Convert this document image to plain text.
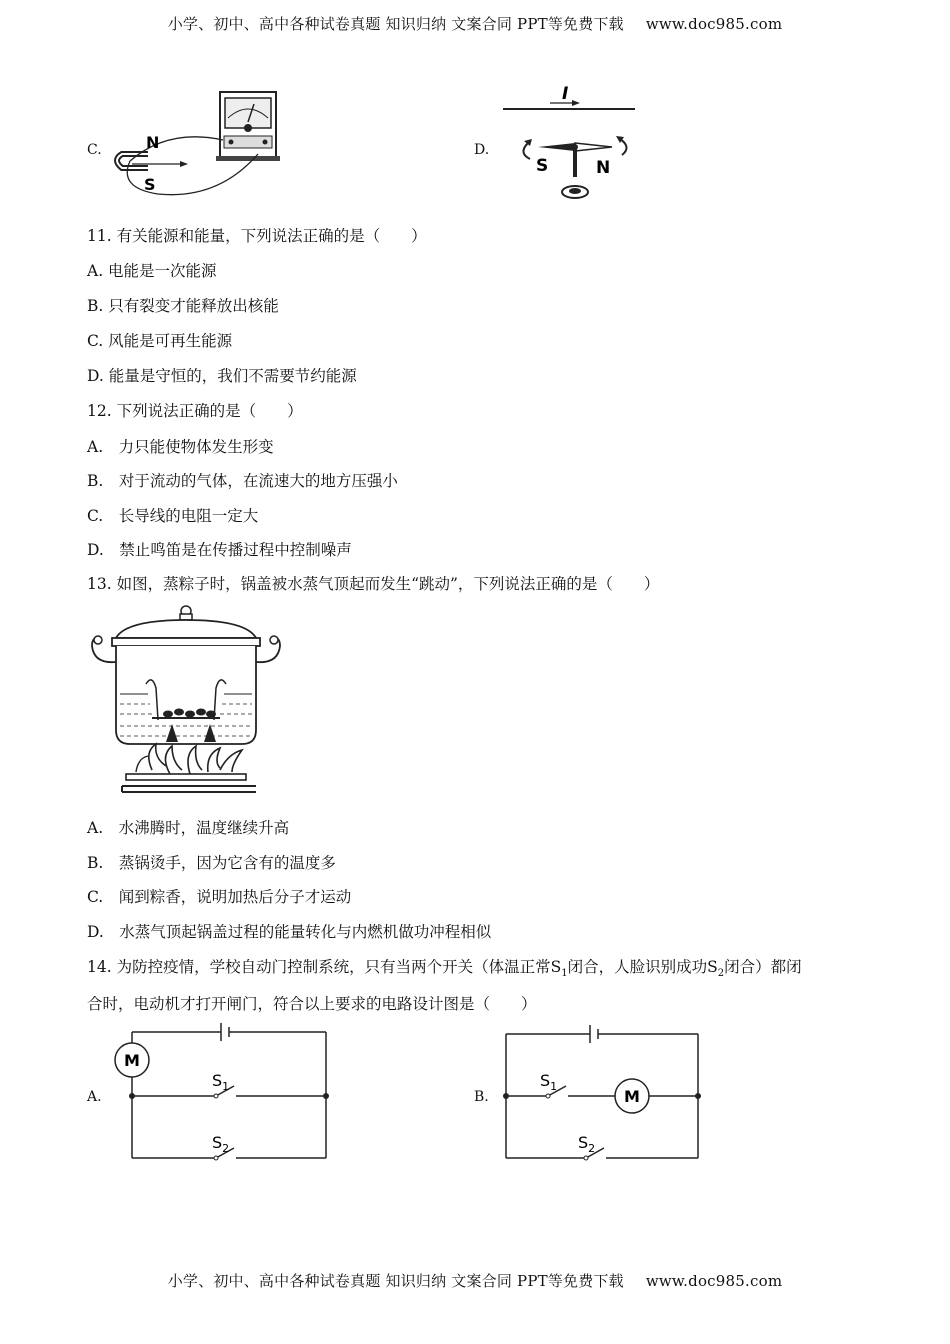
小学、初中、高中各种试卷真题 知识归纳 文案合同 PPT等免费下载 www.doc985.com
C.	N
S
D.
I
S	N
11. 有关能源和能量，下列说法正确的是（　　）
A. 电能是一次能源
B. 只有裂变才能释放出核能
C. 风能是可再生能源
D. 能量是守恒的，我们不需要节约能源
12. 下列说法正确的是（　　）
A.　力只能使物体发生形变
B.　对于流动的气体，在流速大的地方压强小
C.　长导线的电阻一定大
D.　禁止鸣笛是在传播过程中控制噪声
13. 如图，蒸粽子时，锅盖被水蒸气顶起而发生“跳动”，下列说法正确的是（　　）
A.　水沸腾时，温度继续升高
B.　蒸锅烫手，因为它含有的温度多
C.　闻到粽香，说明加热后分子才运动
D.　水蒸气顶起锅盖过程的能量转化与内燃机做功冲程相似
14. 为防控疫情，学校自动门控制系统，只有当两个开关（体温正常$S_1$闭合，人脸识别成功$S_2$闭合）都闭
合时，电动机才打开闸门，符合以上要求的电路设计图是（　　）
A.
M
$S_1$
$S_2$
B.	M
$S_1$
$S_2$
小学、初中、高中各种试卷真题 知识归纳 文案合同 PPT等免费下载 www.doc985.com
